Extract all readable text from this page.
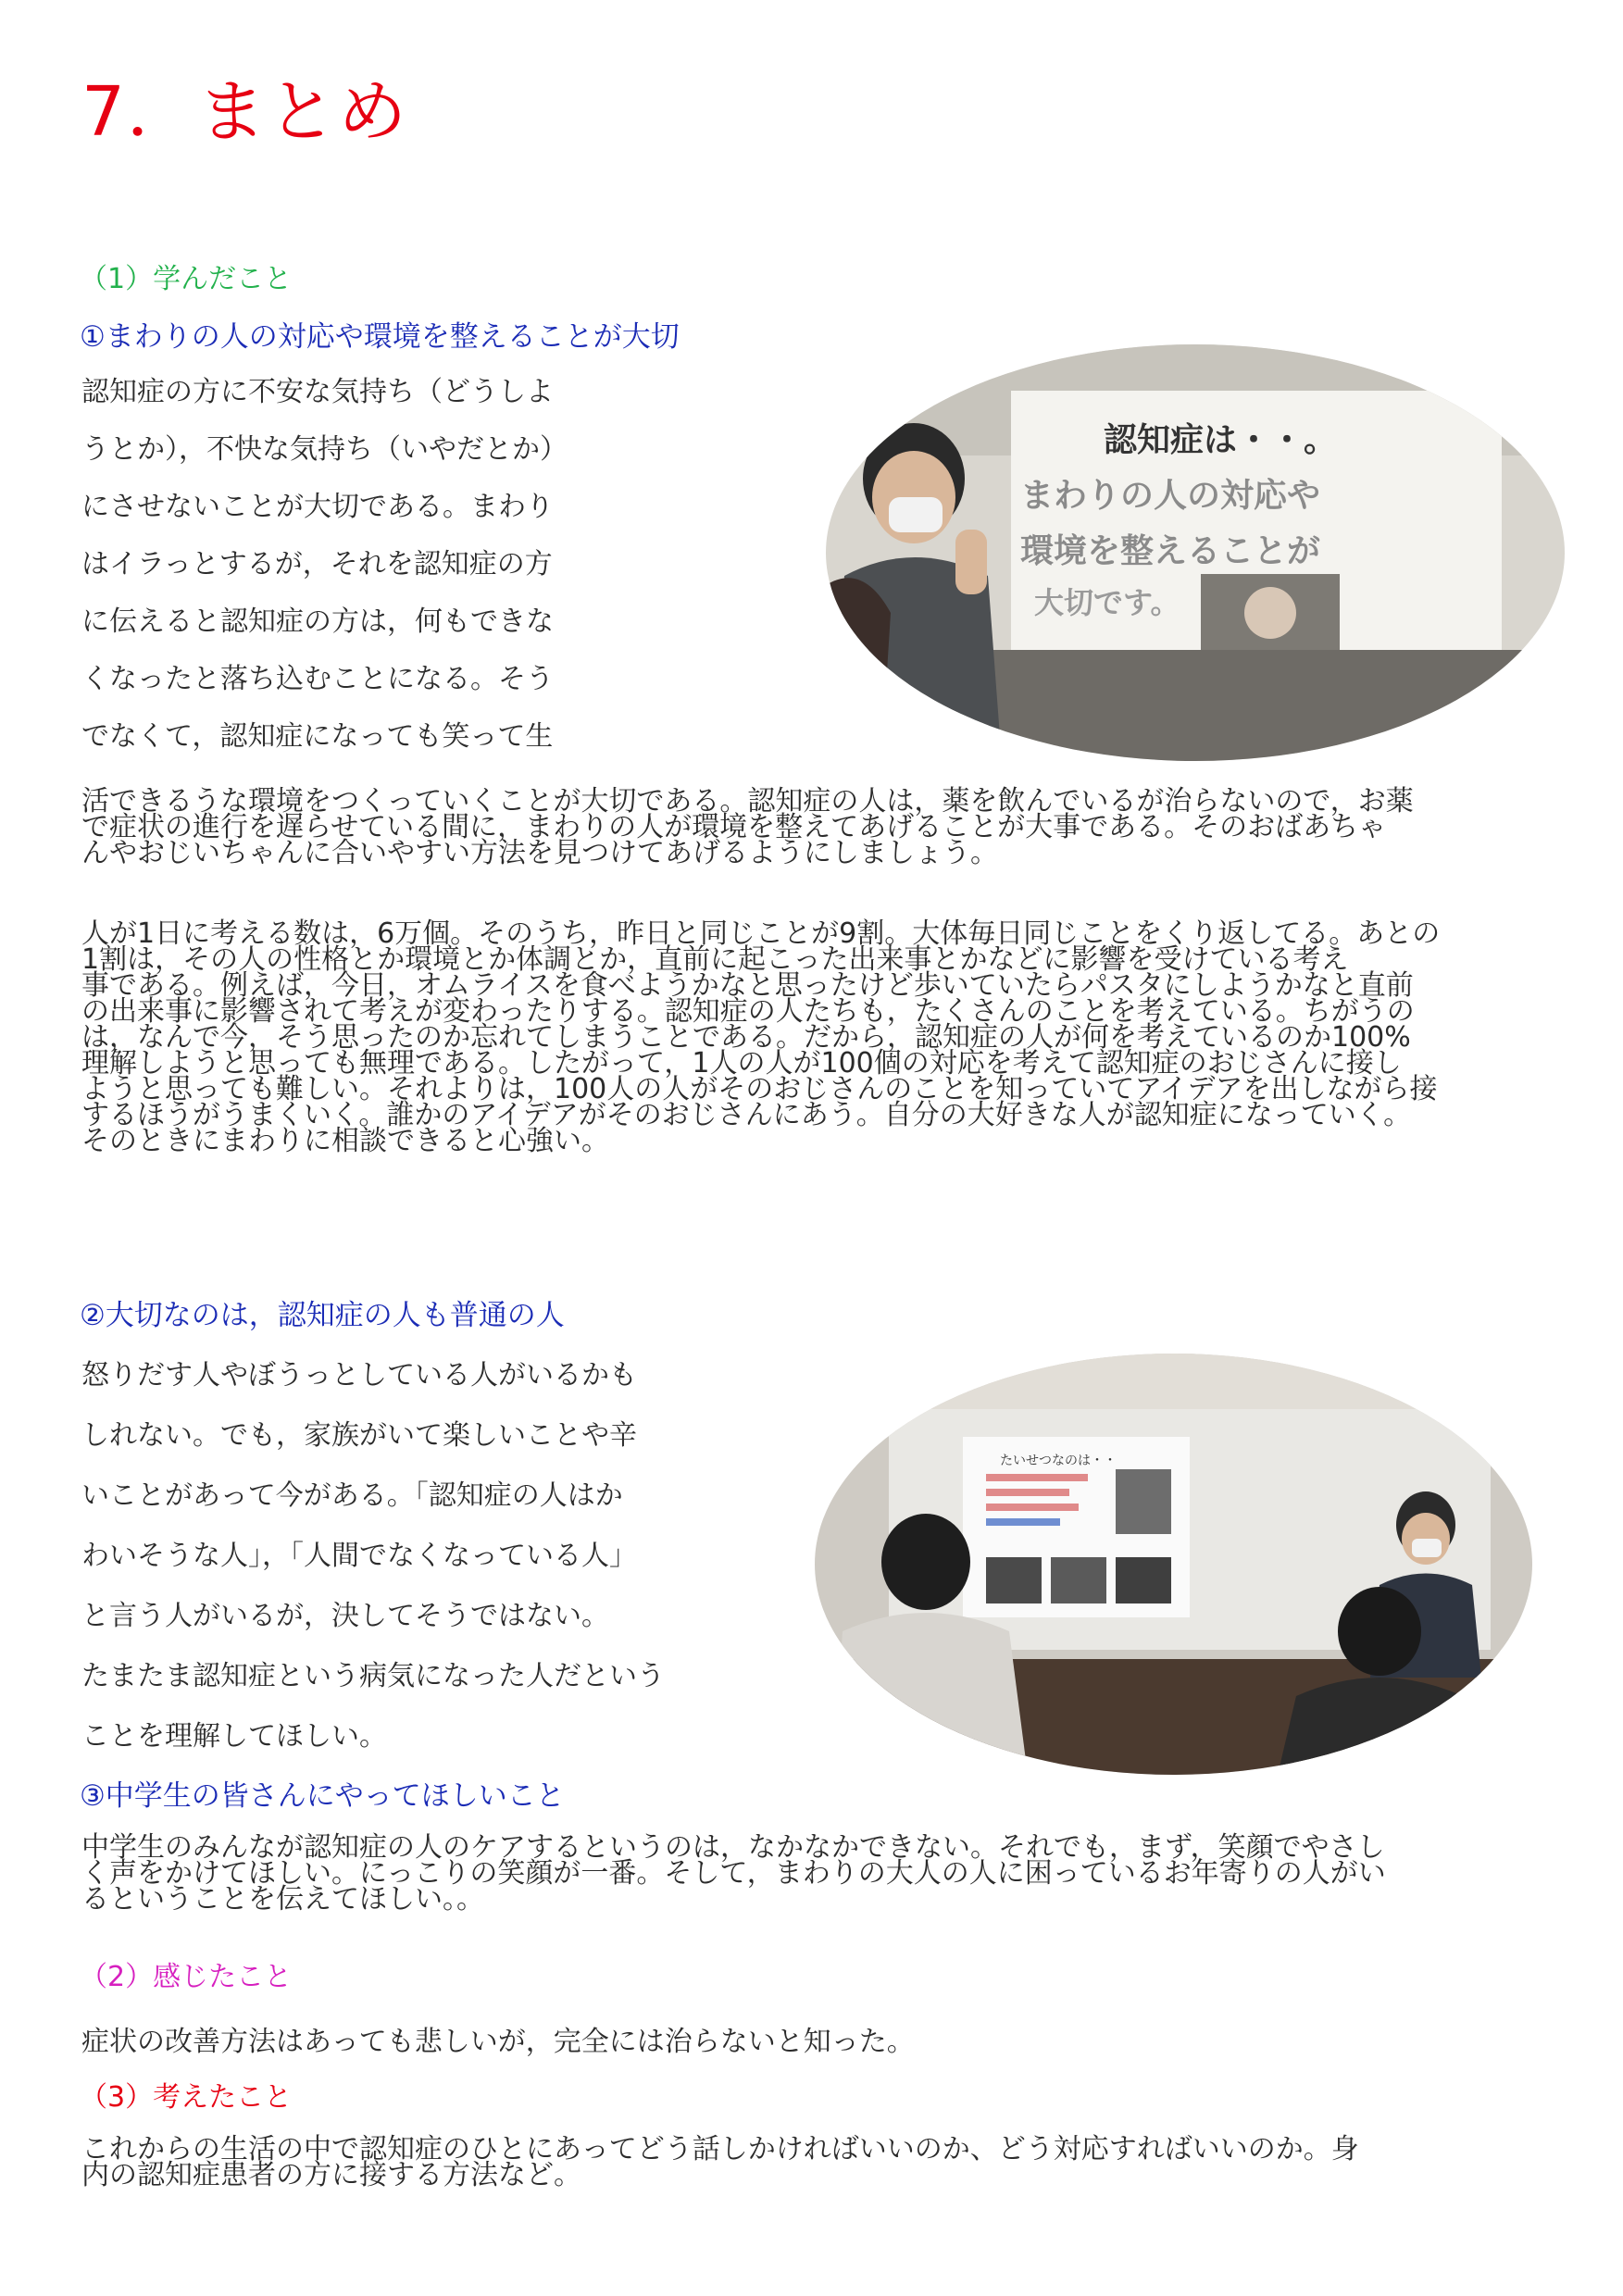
7．まとめ
（1）学んだこと
①まわりの人の対応や環境を整えることが大切
認知症の方に不安な気持ち（どうしよ
うとか），不快な気持ち（いやだとか）
にさせないことが大切である。まわり
はイラっとするが，それを認知症の方
に伝えると認知症の方は，何もできな
くなったと落ち込むことになる。そう
でなくて，認知症になっても笑って生
認知症は・・。
まわりの人の対応や
環境を整えることが
大切です。
活できるうな環境をつくっていくことが大切である。認知症の人は，薬を飲んでいるが治らないので，お薬
で症状の進行を遅らせている間に，まわりの人が環境を整えてあげることが大事である。そのおばあちゃ
んやおじいちゃんに合いやすい方法を見つけてあげるようにしましょう。
人が1日に考える数は，6万個。そのうち，昨日と同じことが9割。大体毎日同じことをくり返してる。あとの
1割は，その人の性格とか環境とか体調とか，直前に起こった出来事とかなどに影響を受けている考え
事である。例えば，今日，オムライスを食べようかなと思ったけど歩いていたらパスタにしようかなと直前
の出来事に影響されて考えが変わったりする。認知症の人たちも，たくさんのことを考えている。ちがうの
は，なんで今，そう思ったのか忘れてしまうことである。だから，認知症の人が何を考えているのか100%
理解しようと思っても無理である。したがって，1人の人が100個の対応を考えて認知症のおじさんに接し
ようと思っても難しい。それよりは，100人の人がそのおじさんのことを知っていてアイデアを出しながら接
するほうがうまくいく。誰かのアイデアがそのおじさんにあう。自分の大好きな人が認知症になっていく。
そのときにまわりに相談できると心強い。
②大切なのは，認知症の人も普通の人
怒りだす人やぼうっとしている人がいるかも
しれない。でも，家族がいて楽しいことや辛
いことがあって今がある。「認知症の人はか
わいそうな人」，「人間でなくなっている人」
と言う人がいるが，決してそうではない。
たまたま認知症という病気になった人だという
ことを理解してほしい。
たいせつなのは・・
③中学生の皆さんにやってほしいこと
中学生のみんなが認知症の人のケアするというのは，なかなかできない。それでも，まず，笑顔でやさし
く声をかけてほしい。にっこりの笑顔が一番。そして，まわりの大人の人に困っているお年寄りの人がい
るということを伝えてほしい。。
（2）感じたこと
症状の改善方法はあっても悲しいが，完全には治らないと知った。
（3）考えたこと
これからの生活の中で認知症のひとにあってどう話しかければいいのか、どう対応すればいいのか。身
内の認知症患者の方に接する方法など。
